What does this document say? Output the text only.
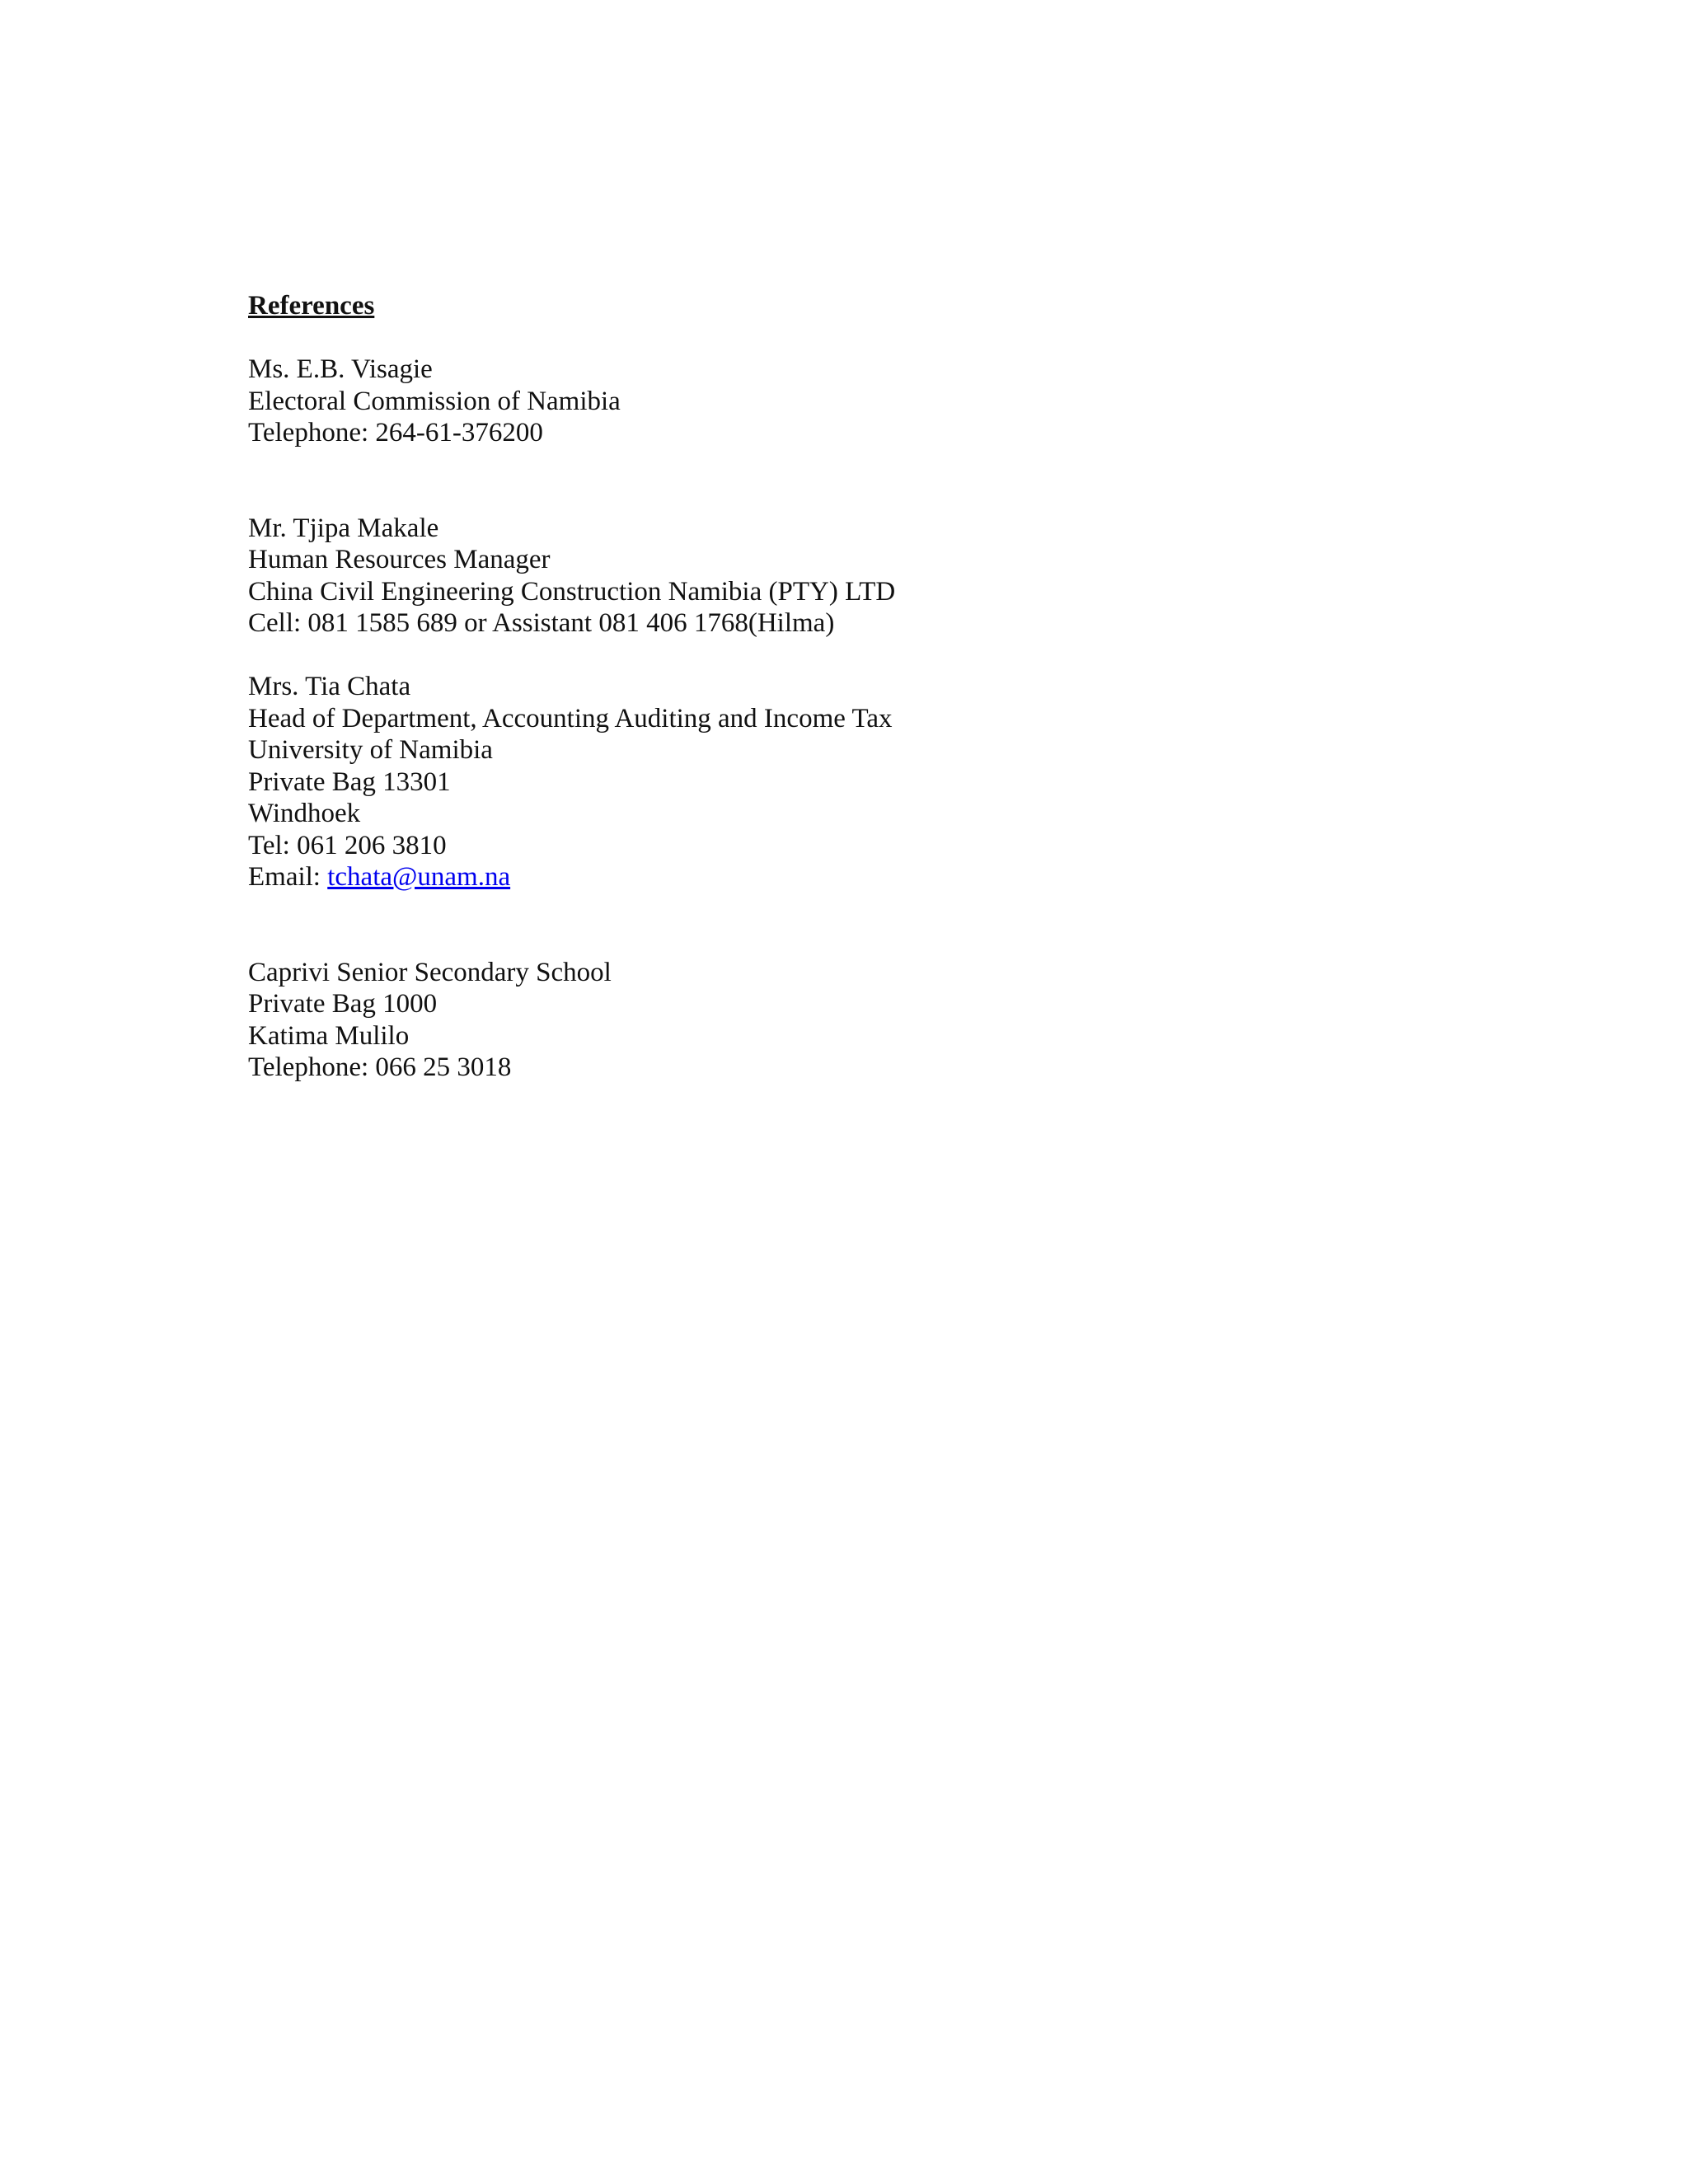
References
Ms. E.B. Visagie
Electoral Commission of Namibia
Telephone: 264-61-376200
Mr. Tjipa Makale
Human Resources Manager
China Civil Engineering Construction Namibia (PTY) LTD
Cell: 081 1585 689 or Assistant 081 406 1768(Hilma)
Mrs. Tia Chata
Head of Department, Accounting Auditing and Income Tax
University of Namibia
Private Bag 13301
Windhoek
Tel: 061 206 3810
Email: tchata@unam.na
Caprivi Senior Secondary School
Private Bag 1000
Katima Mulilo
Telephone: 066 25 3018
